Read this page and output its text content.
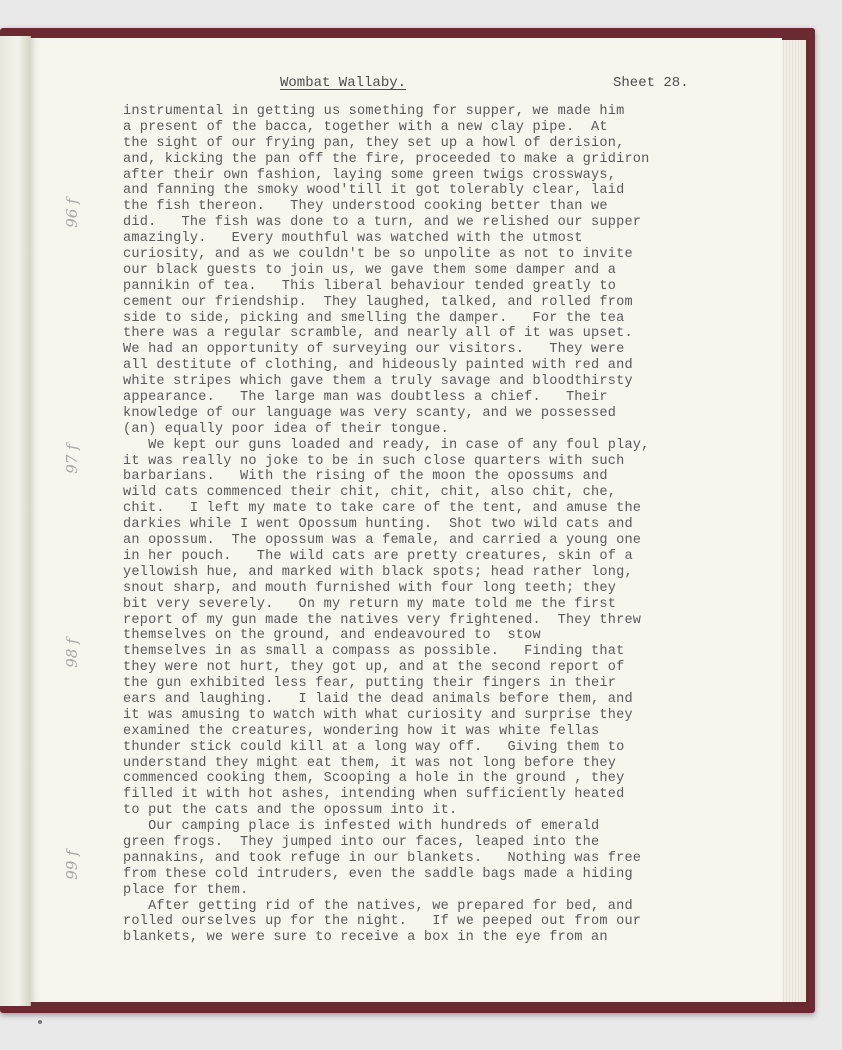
Wombat Wallaby.	Sheet 28.
96 f
97 f
98 f
99 f
instrumental in getting us something for supper, we made him
a present of the bacca, together with a new clay pipe.  At
the sight of our frying pan, they set up a howl of derision,
and, kicking the pan off the fire, proceeded to make a gridiron
after their own fashion, laying some green twigs crossways,
and fanning the smoky wood'till it got tolerably clear, laid
the fish thereon.   They understood cooking better than we
did.   The fish was done to a turn, and we relished our supper
amazingly.   Every mouthful was watched with the utmost
curiosity, and as we couldn't be so unpolite as not to invite
our black guests to join us, we gave them some damper and a
pannikin of tea.   This liberal behaviour tended greatly to
cement our friendship.  They laughed, talked, and rolled from
side to side, picking and smelling the damper.   For the tea
there was a regular scramble, and nearly all of it was upset.
We had an opportunity of surveying our visitors.   They were
all destitute of clothing, and hideously painted with red and
white stripes which gave them a truly savage and bloodthirsty
appearance.   The large man was doubtless a chief.   Their
knowledge of our language was very scanty, and we possessed
(an) equally poor idea of their tongue.
We kept our guns loaded and ready, in case of any foul play,
it was really no joke to be in such close quarters with such
barbarians.   With the rising of the moon the opossums and
wild cats commenced their chit, chit, chit, also chit, che,
chit.   I left my mate to take care of the tent, and amuse the
darkies while I went Opossum hunting.  Shot two wild cats and
an opossum.  The opossum was a female, and carried a young one
in her pouch.   The wild cats are pretty creatures, skin of a
yellowish hue, and marked with black spots; head rather long,
snout sharp, and mouth furnished with four long teeth; they
bit very severely.   On my return my mate told me the first
report of my gun made the natives very frightened.  They threw
themselves on the ground, and endeavoured to  stow
themselves in as small a compass as possible.   Finding that
they were not hurt, they got up, and at the second report of
the gun exhibited less fear, putting their fingers in their
ears and laughing.   I laid the dead animals before them, and
it was amusing to watch with what curiosity and surprise they
examined the creatures, wondering how it was white fellas
thunder stick could kill at a long way off.   Giving them to
understand they might eat them, it was not long before they
commenced cooking them, Scooping a hole in the ground , they
filled it with hot ashes, intending when sufficiently heated
to put the cats and the opossum into it.
Our camping place is infested with hundreds of emerald
green frogs.  They jumped into our faces, leaped into the
pannakins, and took refuge in our blankets.   Nothing was free
from these cold intruders, even the saddle bags made a hiding
place for them.
After getting rid of the natives, we prepared for bed, and
rolled ourselves up for the night.   If we peeped out from our
blankets, we were sure to receive a box in the eye from an
